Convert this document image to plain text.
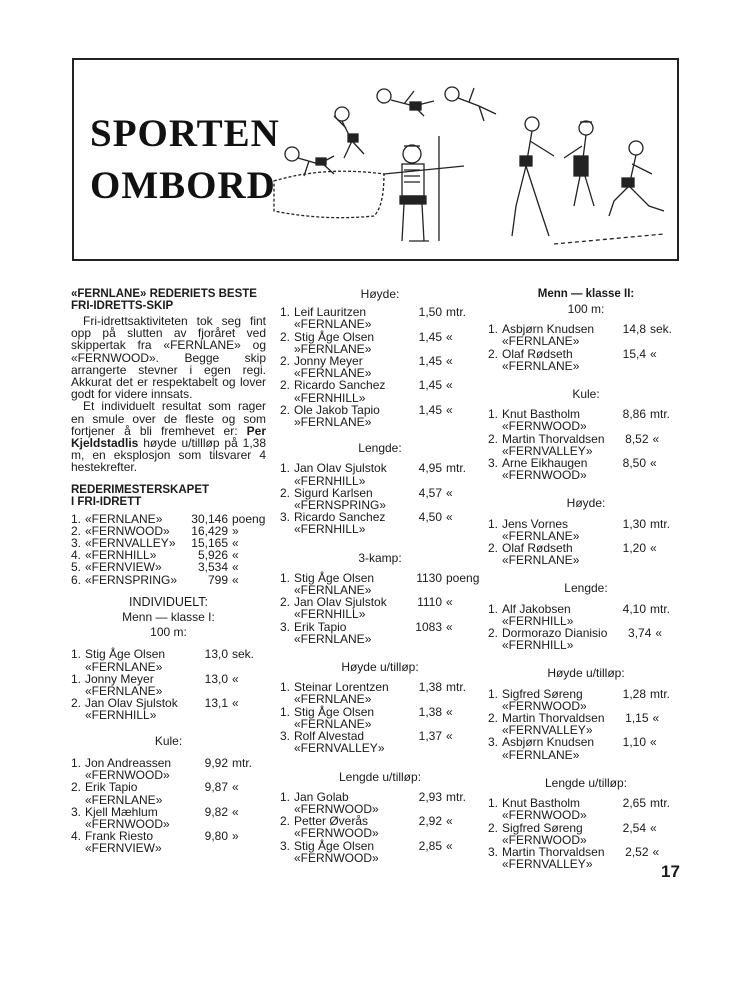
SPORTEN
OMBORD
«FERNLANE» REDERIETS BESTE
FRI-IDRETTS-SKIP

Fri-idrettsaktiviteten tok seg fint opp på slutten av fjoråret ved skippertak fra «FERNLANE» og «FERNWOOD». Begge skip arrangerte stevner i egen regi. Akkurat det er respektabelt og lover godt for videre innsats.

Et individuelt resultat som rager en smule over de fleste og som fortjener å bli fremhevet er: Per Kjeldstadlis høyde u/tillløp på 1,38 m, en eksplosjon som tilsvarer 4 hestekrefter.

REDERIMESTERSKAPET
I FRI-IDRETT
1. «FERNLANE»	30,146 poeng
2. «FERNWOOD»	16,429 »
3. «FERNVALLEY»	15,165 «
4. «FERNHILL»	5,926 «
5. «FERNVIEW»	3,534 «
6. «FERNSPRING»	799 «
INDIVIDUELT:
Menn — klasse I:
100 m:
1. Stig Åge Olsen	13,0 sek.
«FERNLANE»
1. Jonny Meyer	13,0 «
«FERNLANE»
2. Jan Olav Sjulstok	13,1 «
«FERNHILL»
Kule:
1. Jon Andreassen	9,92 mtr.
«FERNWOOD»
2. Erik Tapio	9,87 «
«FERNLANE»
3. Kjell Mæhlum	9,82 «
«FERNWOOD»
4. Frank Riesto	9,80 »
«FERNVIEW»
Høyde:
1. Leif Lauritzen	1,50 mtr.
«FERNLANE»
2. Stig Åge Olsen	1,45 «
»FERNLANE»
2. Jonny Meyer	1,45 «
«FERNLANE»
2. Ricardo Sanchez	1,45 «
«FERNHILL»
2. Ole Jakob Tapio	1,45 «
»FERNLANE»
Lengde:
1. Jan Olav Sjulstok	4,95 mtr.
«FERNHILL»
2. Sigurd Karlsen	4,57 «
«FERNSPRING»
3. Ricardo Sanchez	4,50 «
«FERNHILL»
3-kamp:
1. Stig Åge Olsen	1130 poeng
«FERNLANE»
2. Jan Olav Sjulstok	1110 «
«FERNHILL»
3. Erik Tapio	1083 «
«FERNLANE»
Høyde u/tilløp:
1. Steinar Lorentzen	1,38 mtr.
«FERNLANE»
1. Stig Åge Olsen	1,38 «
«FERNLANE»
3. Rolf Alvestad	1,37 «
«FERNVALLEY»
Lengde u/tilløp:
1. Jan Golab	2,93 mtr.
«FERNWOOD»
2. Petter Øverås	2,92 «
«FERNWOOD»
3. Stig Åge Olsen	2,85 «
«FERNWOOD»
Menn — klasse II:
100 m:
1. Asbjørn Knudsen	14,8 sek.
«FERNLANE»
2. Olaf Rødseth	15,4 «
«FERNLANE»
Kule:
1. Knut Bastholm	8,86 mtr.
«FERNWOOD»
2. Martin Thorvaldsen	8,52 «
«FERNVALLEY»
3. Arne Eikhaugen	8,50 «
«FERNWOOD»
Høyde:
1. Jens Vornes	1,30 mtr.
«FERNLANE»
2. Olaf Rødseth	1,20 «
«FERNLANE»
Lengde:
1. Alf Jakobsen	4,10 mtr.
«FERNHILL»
2. Dormorazo Dianisio	3,74 «
«FERNHILL»
Høyde u/tilløp:
1. Sigfred Søreng	1,28 mtr.
«FERNWOOD»
2. Martin Thorvaldsen	1,15 «
«FERNVALLEY»
3. Asbjørn Knudsen	1,10 «
«FERNLANE»
Lengde u/tilløp:
1. Knut Bastholm	2,65 mtr.
«FERNWOOD»
2. Sigfred Søreng	2,54 «
«FERNWOOD»
3. Martin Thorvaldsen	2,52 «
«FERNVALLEY»	17
